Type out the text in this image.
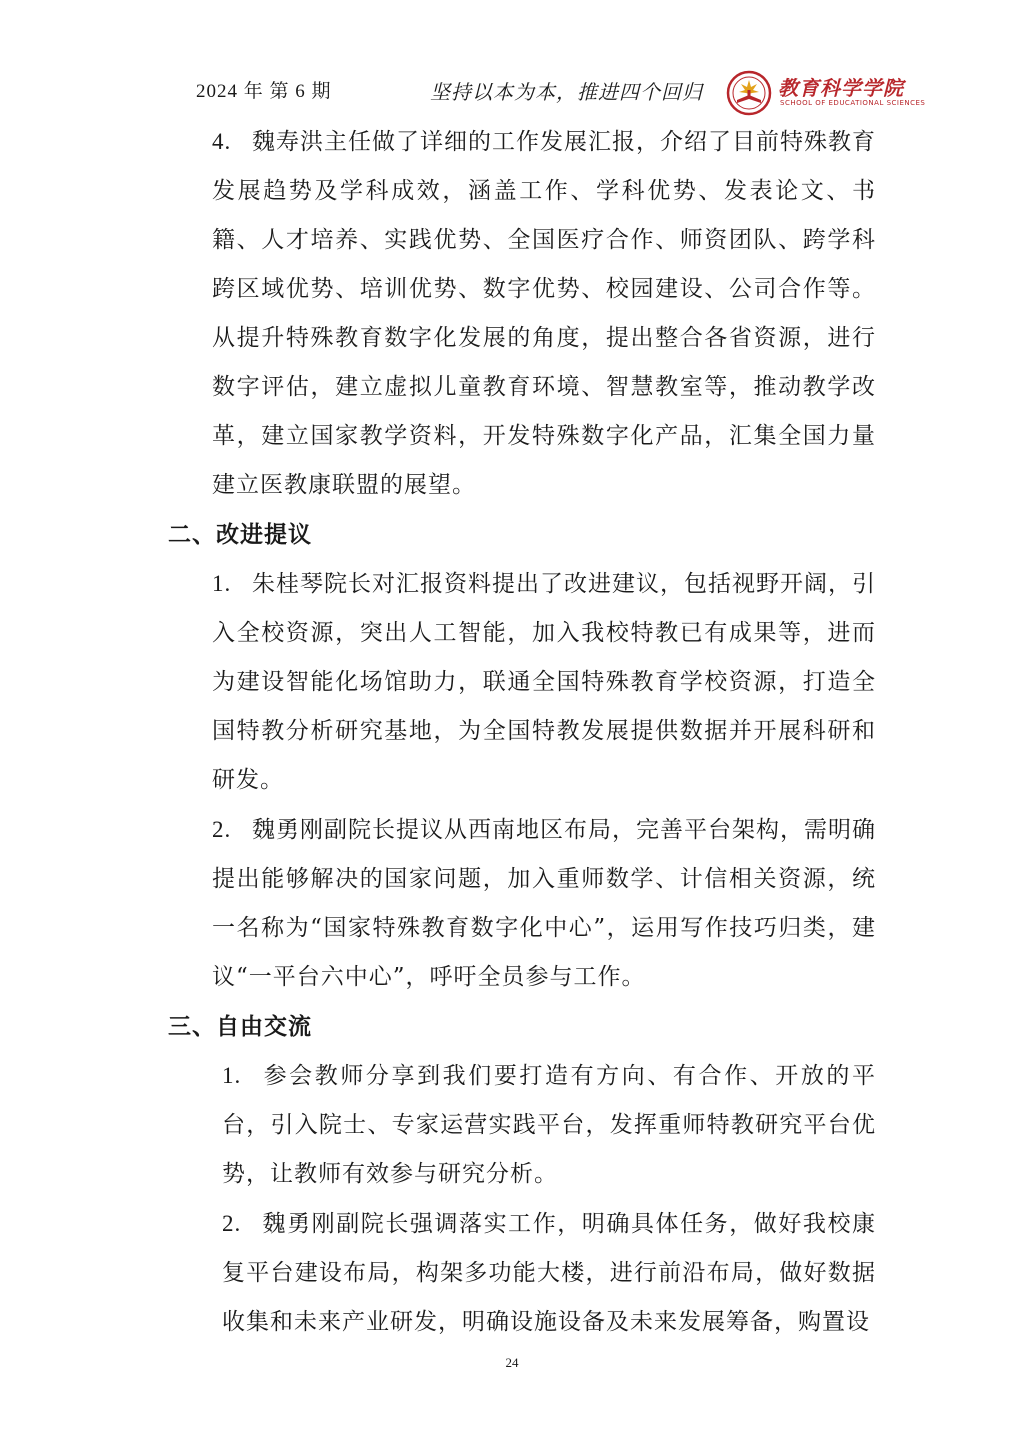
2024 年 第 6 期	坚持以本为本，推进四个回归	教育科学学院
SCHOOL OF EDUCATIONAL SCIENCES

4. 魏寿洪主任做了详细的工作发展汇报，介绍了目前特殊教育发展趋势及学科成效，涵盖工作、学科优势、发表论文、书籍、人才培养、实践优势、全国医疗合作、师资团队、跨学科跨区域优势、培训优势、数字优势、校园建设、公司合作等。从提升特殊教育数字化发展的角度，提出整合各省资源，进行数字评估，建立虚拟儿童教育环境、智慧教室等，推动教学改革，建立国家教学资料，开发特殊数字化产品，汇集全国力量建立医教康联盟的展望。

二、改进提议

1. 朱桂琴院长对汇报资料提出了改进建议，包括视野开阔，引入全校资源，突出人工智能，加入我校特教已有成果等，进而为建设智能化场馆助力，联通全国特殊教育学校资源，打造全国特教分析研究基地，为全国特教发展提供数据并开展科研和研发。

2. 魏勇刚副院长提议从西南地区布局，完善平台架构，需明确提出能够解决的国家问题，加入重师数学、计信相关资源，统一名称为“国家特殊教育数字化中心”，运用写作技巧归类，建议“一平台六中心”，呼吁全员参与工作。

三、自由交流

1. 参会教师分享到我们要打造有方向、有合作、开放的平台，引入院士、专家运营实践平台，发挥重师特教研究平台优势，让教师有效参与研究分析。

2. 魏勇刚副院长强调落实工作，明确具体任务，做好我校康复平台建设布局，构架多功能大楼，进行前沿布局，做好数据收集和未来产业研发，明确设施设备及未来发展筹备，购置设

24
